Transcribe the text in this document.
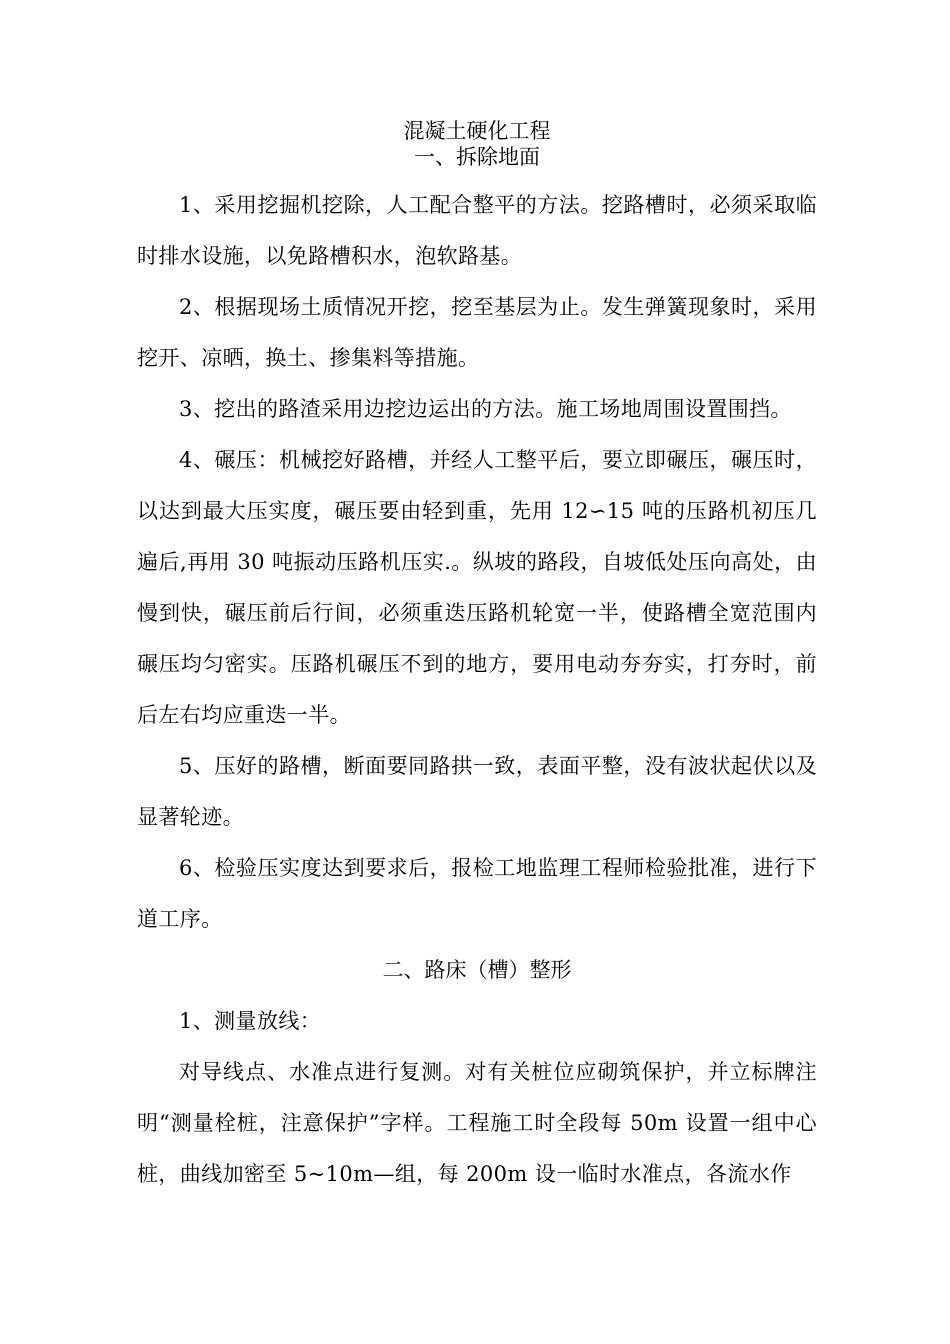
混凝土硬化工程

一、拆除地面

1、采用挖掘机挖除，人工配合整平的方法。挖路槽时，必须采取临时排水设施，以免路槽积水，泡软路基。

2、根据现场土质情况开挖，挖至基层为止。发生弹簧现象时，采用挖开、凉晒，换土、掺集料等措施。

3、挖出的路渣采用边挖边运出的方法。施工场地周围设置围挡。

4、碾压：机械挖好路槽，并经人工整平后，要立即碾压，碾压时，以达到最大压实度，碾压要由轻到重，先用 12∽15 吨的压路机初压几遍后,再用 30 吨振动压路机压实.。纵坡的路段，自坡低处压向高处，由慢到快，碾压前后行间，必须重迭压路机轮宽一半，使路槽全宽范围内碾压均匀密实。压路机碾压不到的地方，要用电动夯夯实，打夯时，前后左右均应重迭一半。

5、压好的路槽，断面要同路拱一致，表面平整，没有波状起伏以及显著轮迹。

6、检验压实度达到要求后，报检工地监理工程师检验批准，进行下道工序。

二、路床（槽）整形

1、测量放线：

对导线点、水准点进行复测。对有关桩位应砌筑保护，并立标牌注明“测量栓桩，注意保护”字样。工程施工时全段每 50m 设置一组中心桩，曲线加密至 5~10m—组，每 200m 设一临时水准点，各流水作
